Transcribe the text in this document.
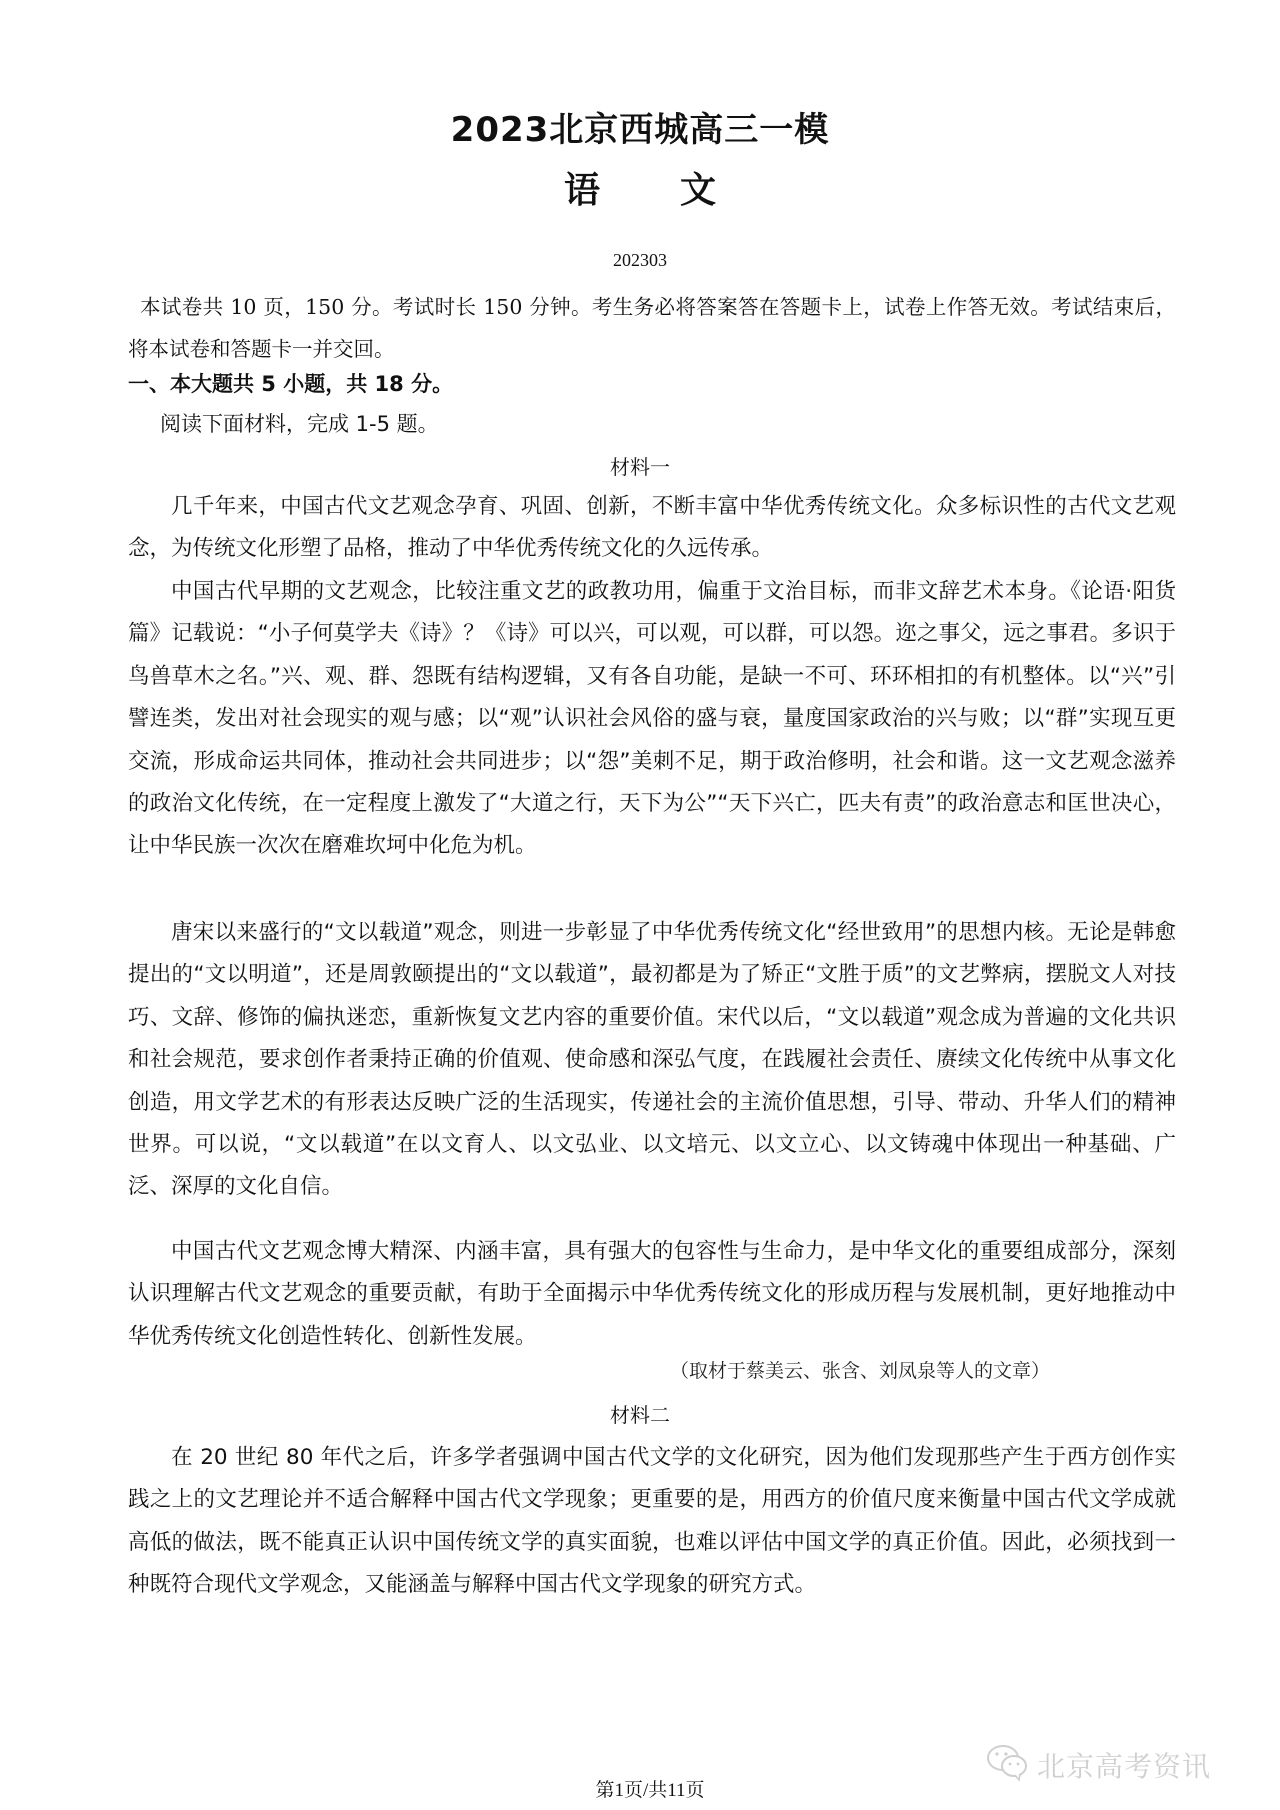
2023北京西城高三一模
语 文
202303
本试卷共 10 页，150 分。考试时长 150 分钟。考生务必将答案答在答题卡上，试卷上作答无效。考试结束后，将本试卷和答题卡一并交回。
一、本大题共 5 小题，共 18 分。
阅读下面材料，完成 1-5 题。
材料一
几千年来，中国古代文艺观念孕育、巩固、创新，不断丰富中华优秀传统文化。众多标识性的古代文艺观念，为传统文化形塑了品格，推动了中华优秀传统文化的久远传承。
中国古代早期的文艺观念，比较注重文艺的政教功用，偏重于文治目标，而非文辞艺术本身。《论语·阳货篇》记载说：“小子何莫学夫《诗》？《诗》可以兴，可以观，可以群，可以怨。迩之事父，远之事君。多识于鸟兽草木之名。”兴、观、群、怨既有结构逻辑，又有各自功能，是缺一不可、环环相扣的有机整体。以“兴”引譬连类，发出对社会现实的观与感；以“观”认识社会风俗的盛与衰，量度国家政治的兴与败；以“群”实现互更交流，形成命运共同体，推动社会共同进步；以“怨”美刺不足，期于政治修明，社会和谐。这一文艺观念滋养的政治文化传统，在一定程度上激发了“大道之行，天下为公”“天下兴亡，匹夫有责”的政治意志和匡世决心，让中华民族一次次在磨难坎坷中化危为机。
唐宋以来盛行的“文以载道”观念，则进一步彰显了中华优秀传统文化“经世致用”的思想内核。无论是韩愈提出的“文以明道”，还是周敦颐提出的“文以载道”，最初都是为了矫正“文胜于质”的文艺弊病，摆脱文人对技巧、文辞、修饰的偏执迷恋，重新恢复文艺内容的重要价值。宋代以后，“文以载道”观念成为普遍的文化共识和社会规范，要求创作者秉持正确的价值观、使命感和深弘气度，在践履社会责任、赓续文化传统中从事文化创造，用文学艺术的有形表达反映广泛的生活现实，传递社会的主流价值思想，引导、带动、升华人们的精神世界。可以说，“文以载道”在以文育人、以文弘业、以文培元、以文立心、以文铸魂中体现出一种基础、广泛、深厚的文化自信。
中国古代文艺观念博大精深、内涵丰富，具有强大的包容性与生命力，是中华文化的重要组成部分，深刻认识理解古代文艺观念的重要贡献，有助于全面揭示中华优秀传统文化的形成历程与发展机制，更好地推动中华优秀传统文化创造性转化、创新性发展。
（取材于蔡美云、张含、刘凤泉等人的文章）
材料二
在 20 世纪 80 年代之后，许多学者强调中国古代文学的文化研究，因为他们发现那些产生于西方创作实践之上的文艺理论并不适合解释中国古代文学现象；更重要的是，用西方的价值尺度来衡量中国古代文学成就高低的做法，既不能真正认识中国传统文学的真实面貌，也难以评估中国文学的真正价值。因此，必须找到一种既符合现代文学观念，又能涵盖与解释中国古代文学现象的研究方式。
北京高考资讯
第1页/共11页
